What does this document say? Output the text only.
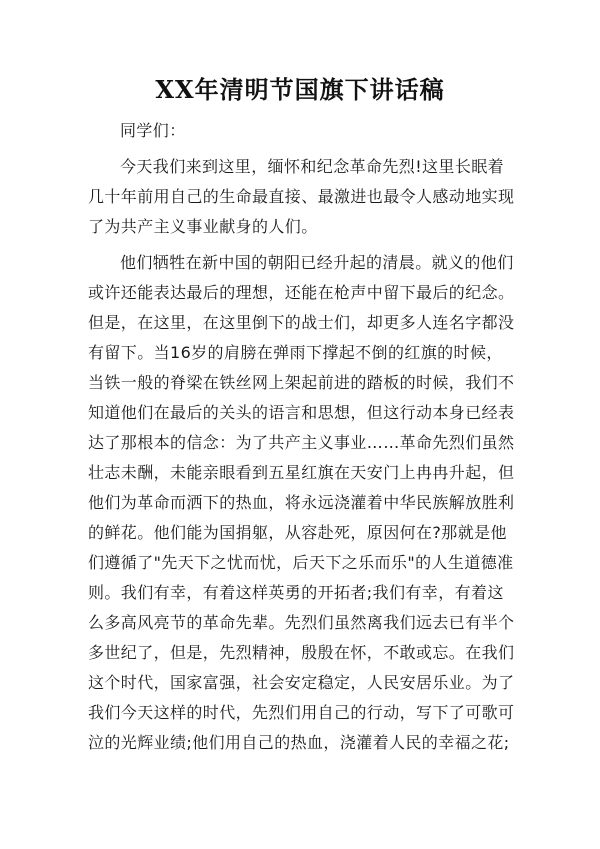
XX年清明节国旗下讲话稿
同学们：
今天我们来到这里，缅怀和纪念革命先烈!这里长眠着
几十年前用自己的生命最直接、最激进也最令人感动地实现
了为共产主义事业献身的人们。
他们牺牲在新中国的朝阳已经升起的清晨。就义的他们
或许还能表达最后的理想，还能在枪声中留下最后的纪念。
但是，在这里，在这里倒下的战士们，却更多人连名字都没
有留下。当16岁的肩膀在弹雨下撑起不倒的红旗的时候，
当铁一般的脊梁在铁丝网上架起前进的踏板的时候，我们不
知道他们在最后的关头的语言和思想，但这行动本身已经表
达了那根本的信念：为了共产主义事业……革命先烈们虽然
壮志未酬，未能亲眼看到五星红旗在天安门上冉冉升起，但
他们为革命而洒下的热血，将永远浇灌着中华民族解放胜利
的鲜花。他们能为国捐躯，从容赴死，原因何在?那就是他
们遵循了"先天下之忧而忧，后天下之乐而乐"的人生道德准
则。我们有幸，有着这样英勇的开拓者;我们有幸，有着这
么多高风亮节的革命先辈。先烈们虽然离我们远去已有半个
多世纪了，但是，先烈精神，殷殷在怀，不敢或忘。在我们
这个时代，国家富强，社会安定稳定，人民安居乐业。为了
我们今天这样的时代，先烈们用自己的行动，写下了可歌可
泣的光辉业绩;他们用自己的热血，浇灌着人民的幸福之花;
